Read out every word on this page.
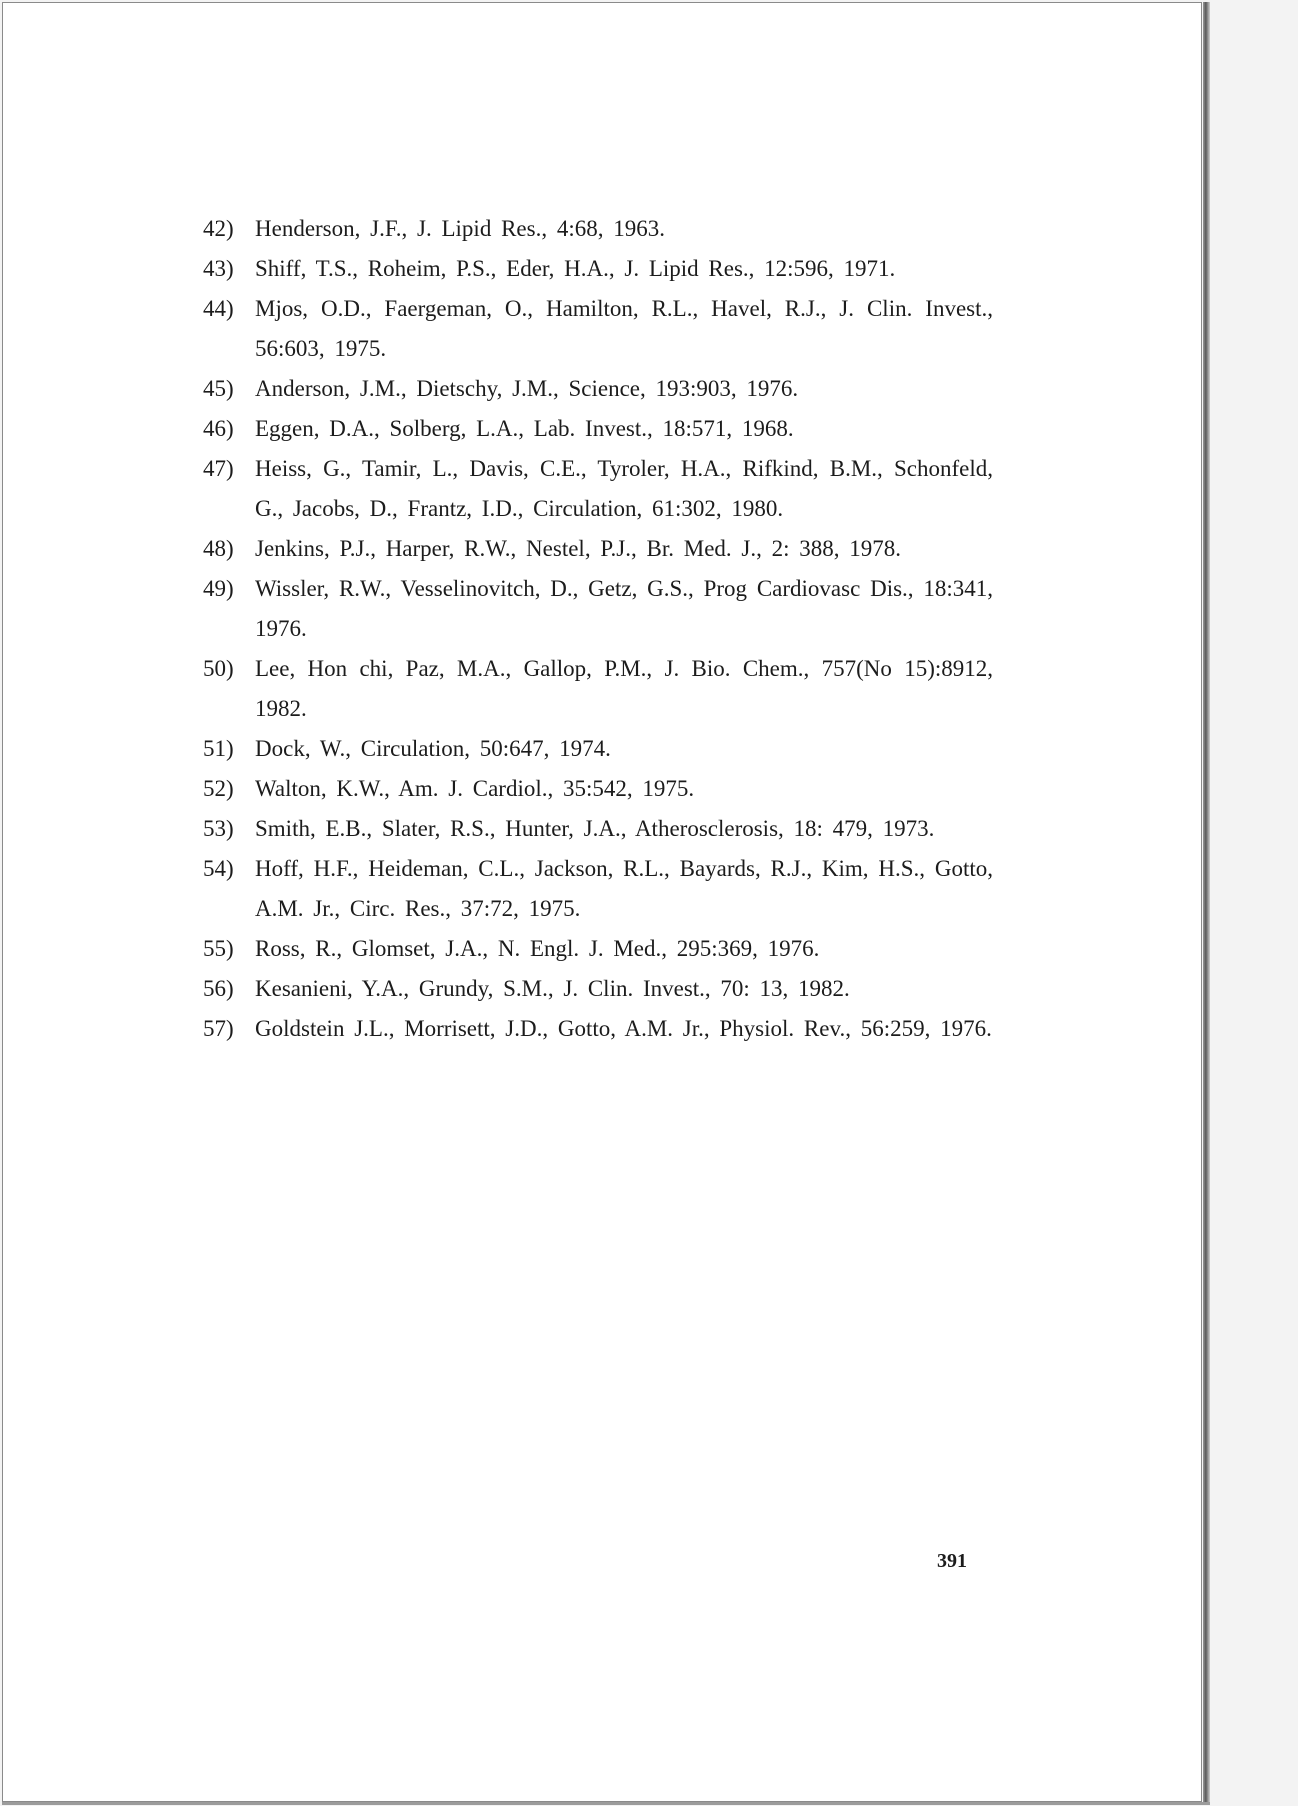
42) Henderson, J.F., J. Lipid Res., 4:68, 1963.
43) Shiff, T.S., Roheim, P.S., Eder, H.A., J. Lipid Res., 12:596, 1971.
44) Mjos, O.D., Faergeman, O., Hamilton, R.L., Havel, R.J., J. Clin. Invest., 56:603, 1975.
45) Anderson, J.M., Dietschy, J.M., Science, 193:903, 1976.
46) Eggen, D.A., Solberg, L.A., Lab. Invest., 18:571, 1968.
47) Heiss, G., Tamir, L., Davis, C.E., Tyroler, H.A., Rifkind, B.M., Schonfeld, G., Jacobs, D., Frantz, I.D., Circulation, 61:302, 1980.
48) Jenkins, P.J., Harper, R.W., Nestel, P.J., Br. Med. J., 2: 388, 1978.
49) Wissler, R.W., Vesselinovitch, D., Getz, G.S., Prog Cardiovasc Dis., 18:341, 1976.
50) Lee, Hon chi, Paz, M.A., Gallop, P.M., J. Bio. Chem., 757(No 15):8912, 1982.
51) Dock, W., Circulation, 50:647, 1974.
52) Walton, K.W., Am. J. Cardiol., 35:542, 1975.
53) Smith, E.B., Slater, R.S., Hunter, J.A., Atherosclerosis, 18: 479, 1973.
54) Hoff, H.F., Heideman, C.L., Jackson, R.L., Bayards, R.J., Kim, H.S., Gotto, A.M. Jr., Circ. Res., 37:72, 1975.
55) Ross, R., Glomset, J.A., N. Engl. J. Med., 295:369, 1976.
56) Kesanieni, Y.A., Grundy, S.M., J. Clin. Invest., 70: 13, 1982.
57) Goldstein J.L., Morrisett, J.D., Gotto, A.M. Jr., Physiol. Rev., 56:259, 1976.
391
